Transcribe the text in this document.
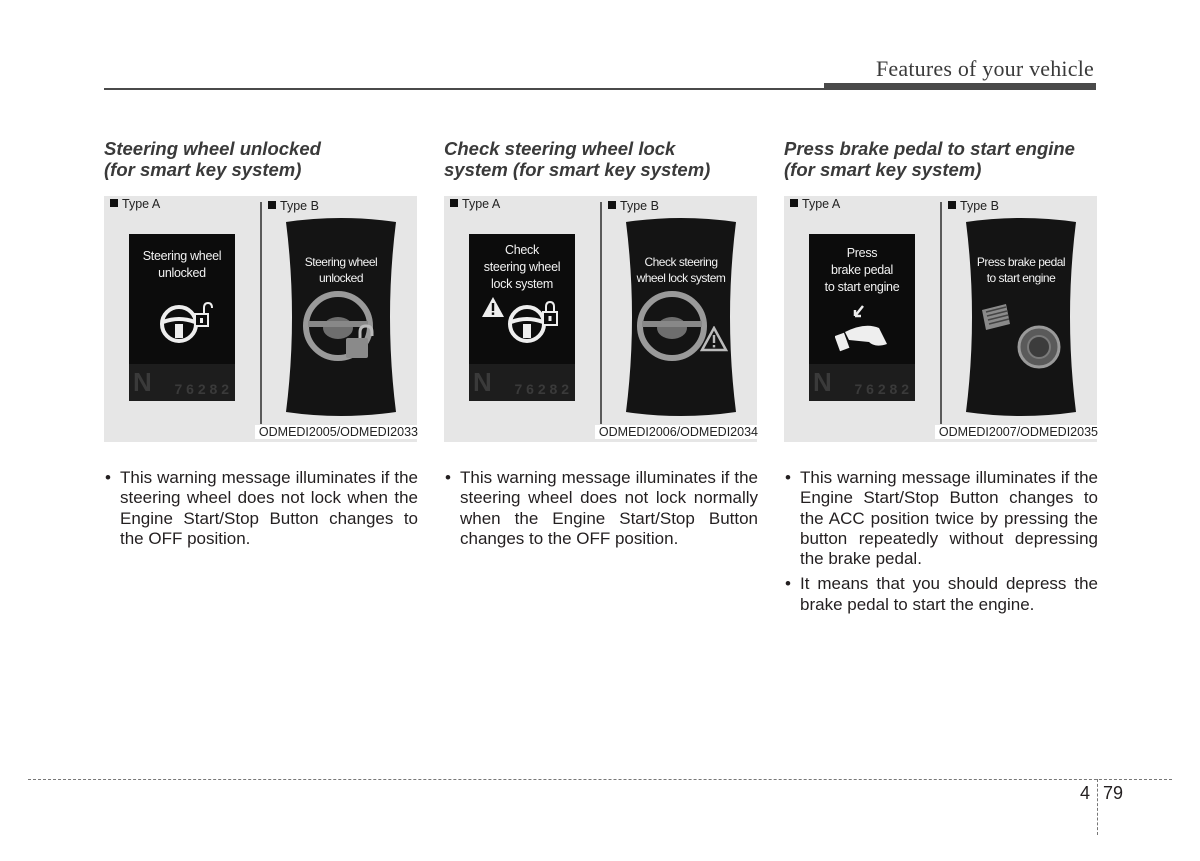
Features of your vehicle
Steering wheel unlocked
(for smart key system)
Type A	Type B
Steering wheel
unlocked
N 7 6 2 8 2
Steering wheel
unlocked
ODMEDI2005/ODMEDI2033
• This warning message illuminates if the steering wheel does not lock when the Engine Start/Stop Button changes to the OFF position.
Check steering wheel lock
system (for smart key system)
Type A	Type B
Check
steering wheel
lock system
N 7 6 2 8 2
Check steering
wheel lock system
ODMEDI2006/ODMEDI2034
• This warning message illuminates if the steering wheel does not lock normally when the Engine Start/Stop Button changes to the OFF position.
Press brake pedal to start engine
(for smart key system)
Type A	Type B
Press
brake pedal
to start engine
N 7 6 2 8 2
Press brake pedal
to start engine
ODMEDI2007/ODMEDI2035
• This warning message illuminates if the Engine Start/Stop Button changes to the ACC position twice by pressing the button repeatedly without depressing the brake pedal.
• It means that you should depress the brake pedal to start the engine.
4 79
